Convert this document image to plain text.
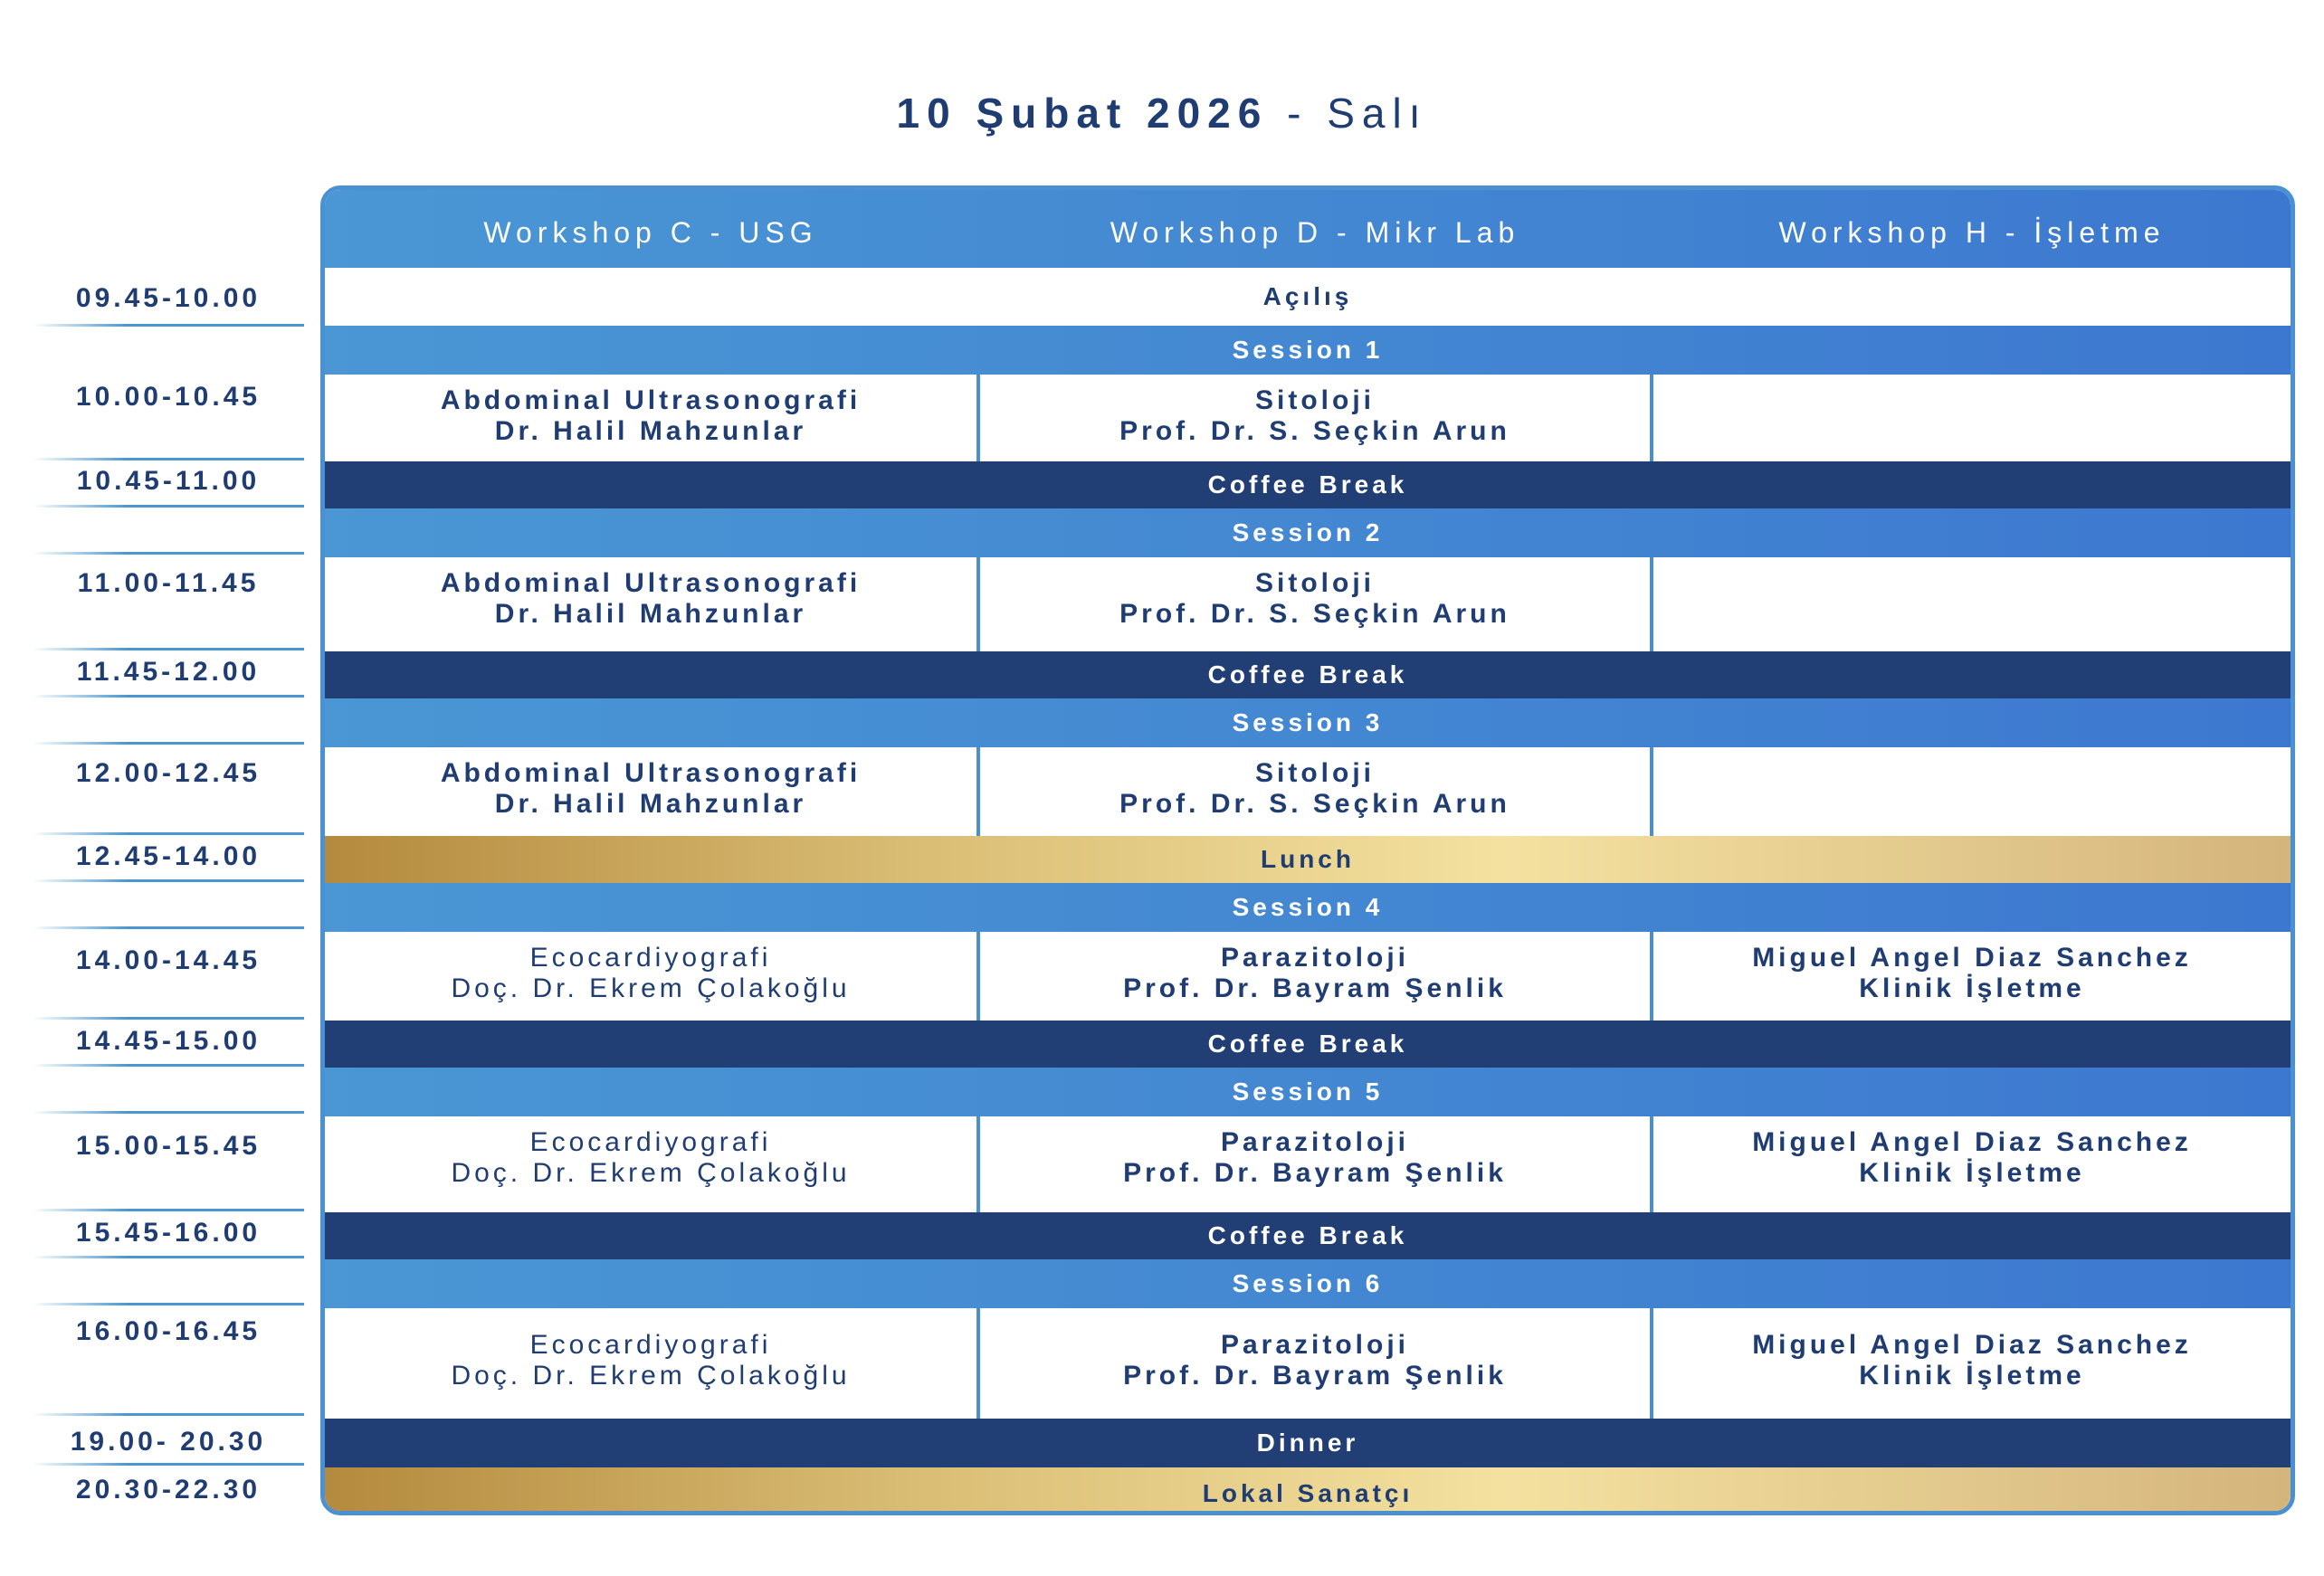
10 Şubat 2026 - Salı
09.45-10.00
10.00-10.45
10.45-11.00
11.00-11.45
11.45-12.00
12.00-12.45
12.45-14.00
14.00-14.45
14.45-15.00
15.00-15.45
15.45-16.00
16.00-16.45
19.00- 20.30
20.30-22.30
Workshop C - USG	Workshop D - Mikr Lab	Workshop H - İşletme
Açılış
Session 1
Abdominal Ultrasonografi
Dr. Halil Mahzunlar
Sitoloji
Prof. Dr. S. Seçkin Arun
Coffee Break
Session 2
Abdominal Ultrasonografi
Dr. Halil Mahzunlar
Sitoloji
Prof. Dr. S. Seçkin Arun
Coffee Break
Session 3
Abdominal Ultrasonografi
Dr. Halil Mahzunlar
Sitoloji
Prof. Dr. S. Seçkin Arun
Lunch
Session 4
Ecocardiyografi
Doç. Dr. Ekrem Çolakoğlu
Parazitoloji
Prof. Dr. Bayram Şenlik
Miguel Angel Diaz Sanchez
Klinik İşletme
Coffee Break
Session 5
Ecocardiyografi
Doç. Dr. Ekrem Çolakoğlu
Parazitoloji
Prof. Dr. Bayram Şenlik
Miguel Angel Diaz Sanchez
Klinik İşletme
Coffee Break
Session 6
Ecocardiyografi
Doç. Dr. Ekrem Çolakoğlu
Parazitoloji
Prof. Dr. Bayram Şenlik
Miguel Angel Diaz Sanchez
Klinik İşletme
Dinner
Lokal Sanatçı
